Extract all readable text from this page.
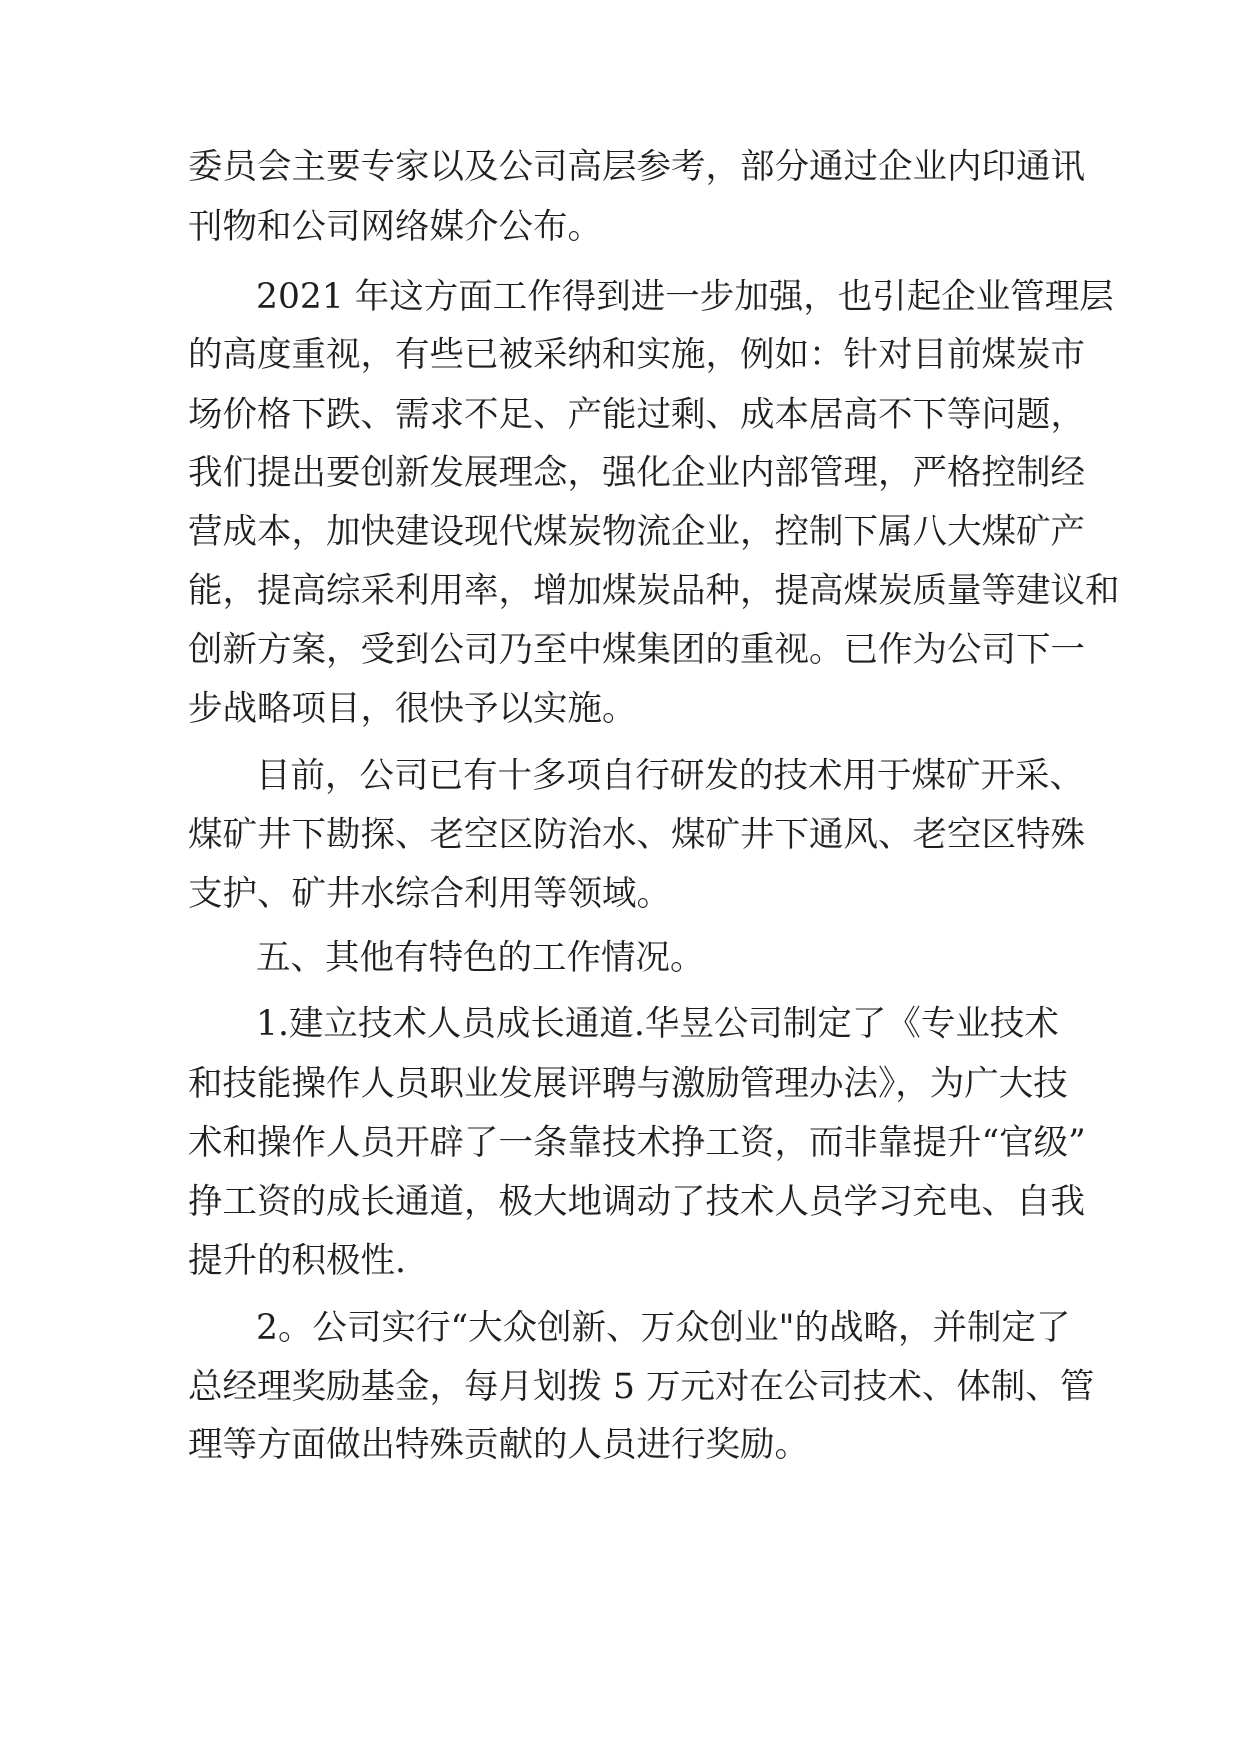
委员会主要专家以及公司高层参考，部分通过企业内印通讯
刊物和公司网络媒介公布。
2021 年这方面工作得到进一步加强，也引起企业管理层
的高度重视，有些已被采纳和实施，例如：针对目前煤炭市
场价格下跌、需求不足、产能过剩、成本居高不下等问题，
我们提出要创新发展理念，强化企业内部管理，严格控制经
营成本，加快建设现代煤炭物流企业，控制下属八大煤矿产
能，提高综采利用率，增加煤炭品种，提高煤炭质量等建议和
创新方案，受到公司乃至中煤集团的重视。已作为公司下一
步战略项目，很快予以实施。
目前，公司已有十多项自行研发的技术用于煤矿开采、
煤矿井下勘探、老空区防治水、煤矿井下通风、老空区特殊
支护、矿井水综合利用等领域。
五、其他有特色的工作情况。
1.建立技术人员成长通道.华昱公司制定了《专业技术
和技能操作人员职业发展评聘与激励管理办法》，为广大技
术和操作人员开辟了一条靠技术挣工资，而非靠提升“官级”
挣工资的成长通道，极大地调动了技术人员学习充电、自我
提升的积极性.
2。公司实行“大众创新、万众创业"的战略，并制定了
总经理奖励基金，每月划拨 5 万元对在公司技术、体制、管
理等方面做出特殊贡献的人员进行奖励。
